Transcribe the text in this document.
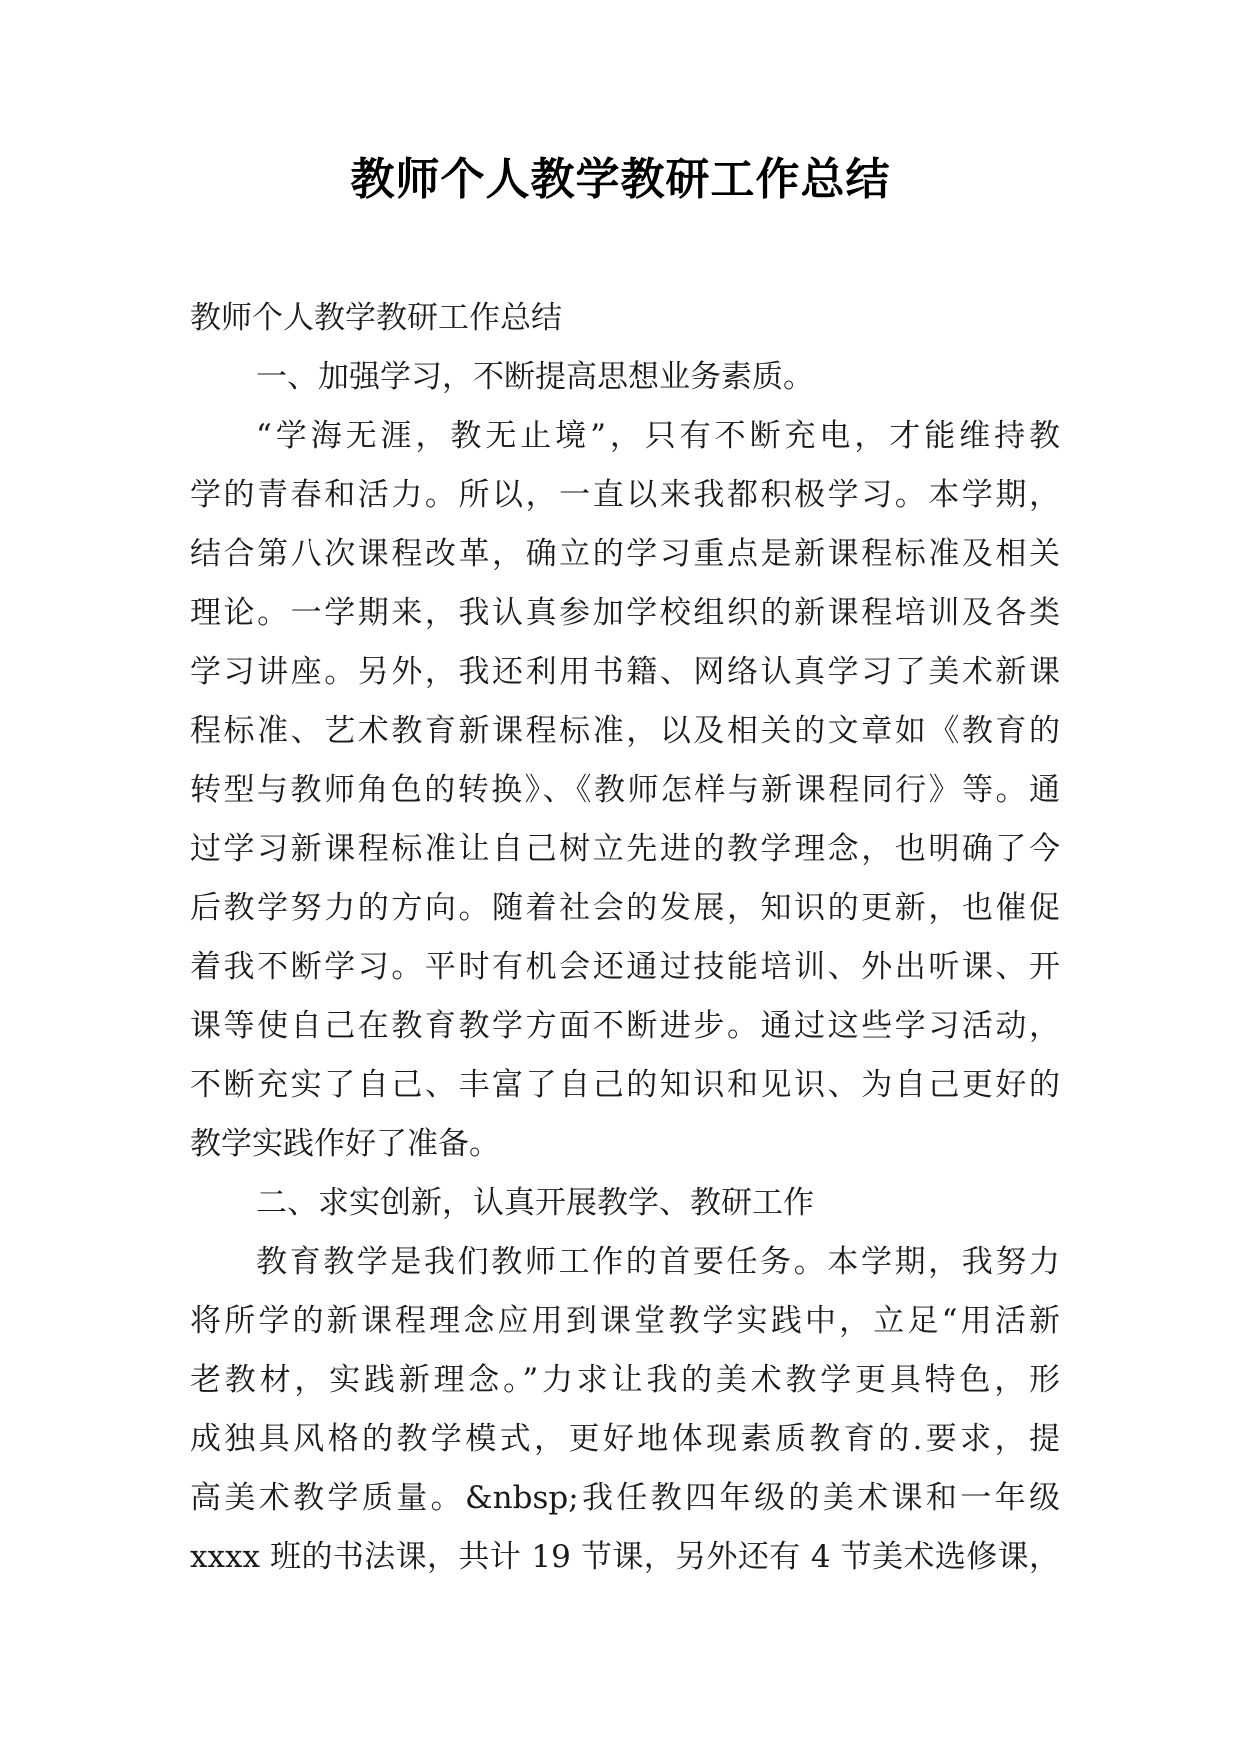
教师个人教学教研工作总结
教师个人教学教研工作总结
一、加强学习，不断提高思想业务素质。
“学海无涯，教无止境”，只有不断充电，才能维持教
学的青春和活力。所以，一直以来我都积极学习。本学期，
结合第八次课程改革，确立的学习重点是新课程标准及相关
理论。一学期来，我认真参加学校组织的新课程培训及各类
学习讲座。另外，我还利用书籍、网络认真学习了美术新课
程标准、艺术教育新课程标准，以及相关的文章如《教育的
转型与教师角色的转换》、《教师怎样与新课程同行》等。通
过学习新课程标准让自己树立先进的教学理念，也明确了今
后教学努力的方向。随着社会的发展，知识的更新，也催促
着我不断学习。平时有机会还通过技能培训、外出听课、开
课等使自己在教育教学方面不断进步。通过这些学习活动，
不断充实了自己、丰富了自己的知识和见识、为自己更好的
教学实践作好了准备。
二、求实创新，认真开展教学、教研工作
教育教学是我们教师工作的首要任务。本学期，我努力
将所学的新课程理念应用到课堂教学实践中，立足“用活新
老教材，实践新理念。”力求让我的美术教学更具特色，形
成独具风格的教学模式，更好地体现素质教育的.要求，提
高美术教学质量。&nbsp;我任教四年级的美术课和一年级
xxxx 班的书法课，共计 19 节课，另外还有 4 节美术选修课，
